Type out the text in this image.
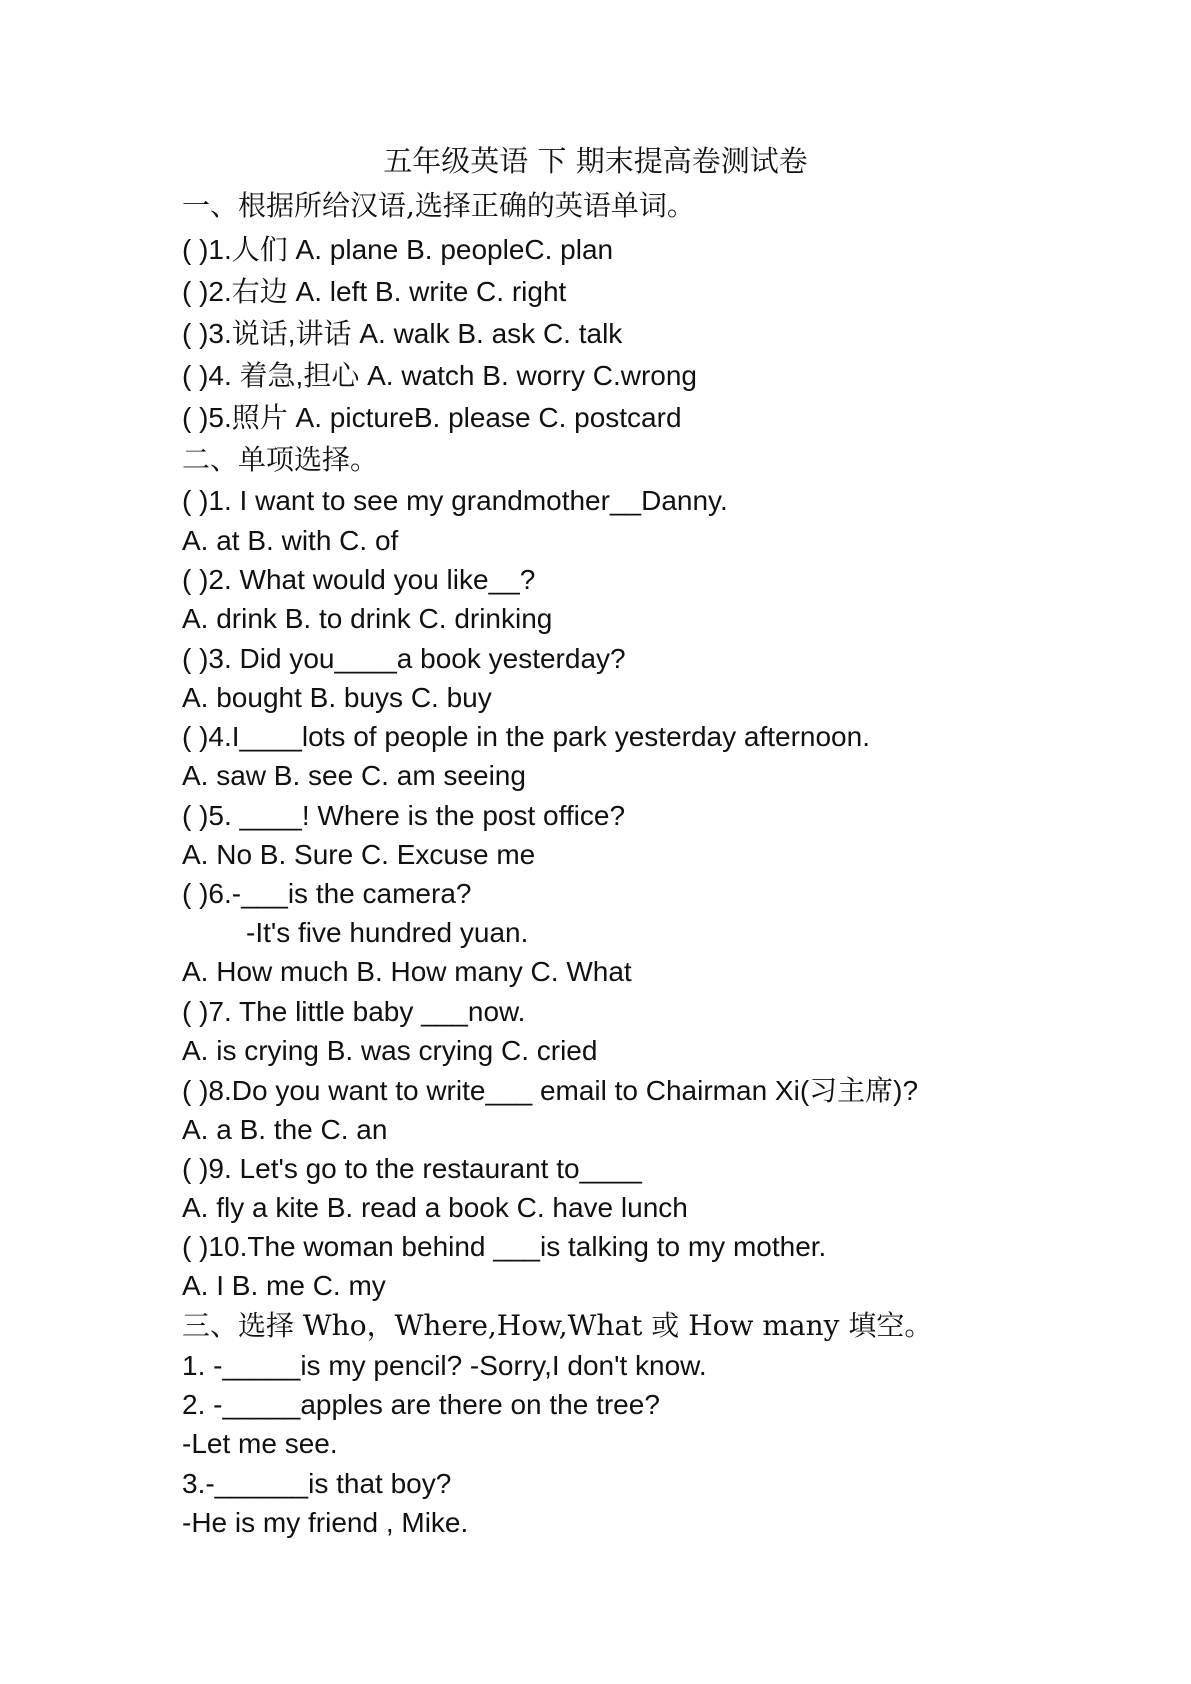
五年级英语 下 期末提高卷测试卷
一、根据所给汉语,选择正确的英语单词。
( )1.人们 A. plane B. peopleC. plan
( )2.右边 A. left B. write C. right
( )3.说话,讲话 A. walk B. ask C. talk
( )4. 着急,担心 A. watch B. worry C.wrong
( )5.照片 A. pictureB. please C. postcard
二、单项选择。
( )1. I want to see my grandmother__Danny.
A. at B. with C. of
( )2. What would you like__?
A. drink B. to drink C. drinking
( )3. Did you____a book yesterday?
A. bought B. buys C. buy
( )4.I____lots of people in the park yesterday afternoon.
A. saw B. see C. am seeing
( )5. ____! Where is the post office?
A. No B. Sure C. Excuse me
( )6.-___is the camera?
-It's five hundred yuan.
A. How much B. How many C. What
( )7. The little baby ___now.
A. is crying B. was crying C. cried
( )8.Do you want to write___ email to Chairman Xi(习主席)?
A. a B. the C. an
( )9. Let's go to the restaurant to____
A. fly a kite B. read a book C. have lunch
( )10.The woman behind ___is talking to my mother.
A. I B. me C. my
三、选择 Who，Where,How,What 或 How many 填空。
1. -_____is my pencil? -Sorry,I don't know.
2. -_____apples are there on the tree?
-Let me see.
3.-______is that boy?
-He is my friend , Mike.
